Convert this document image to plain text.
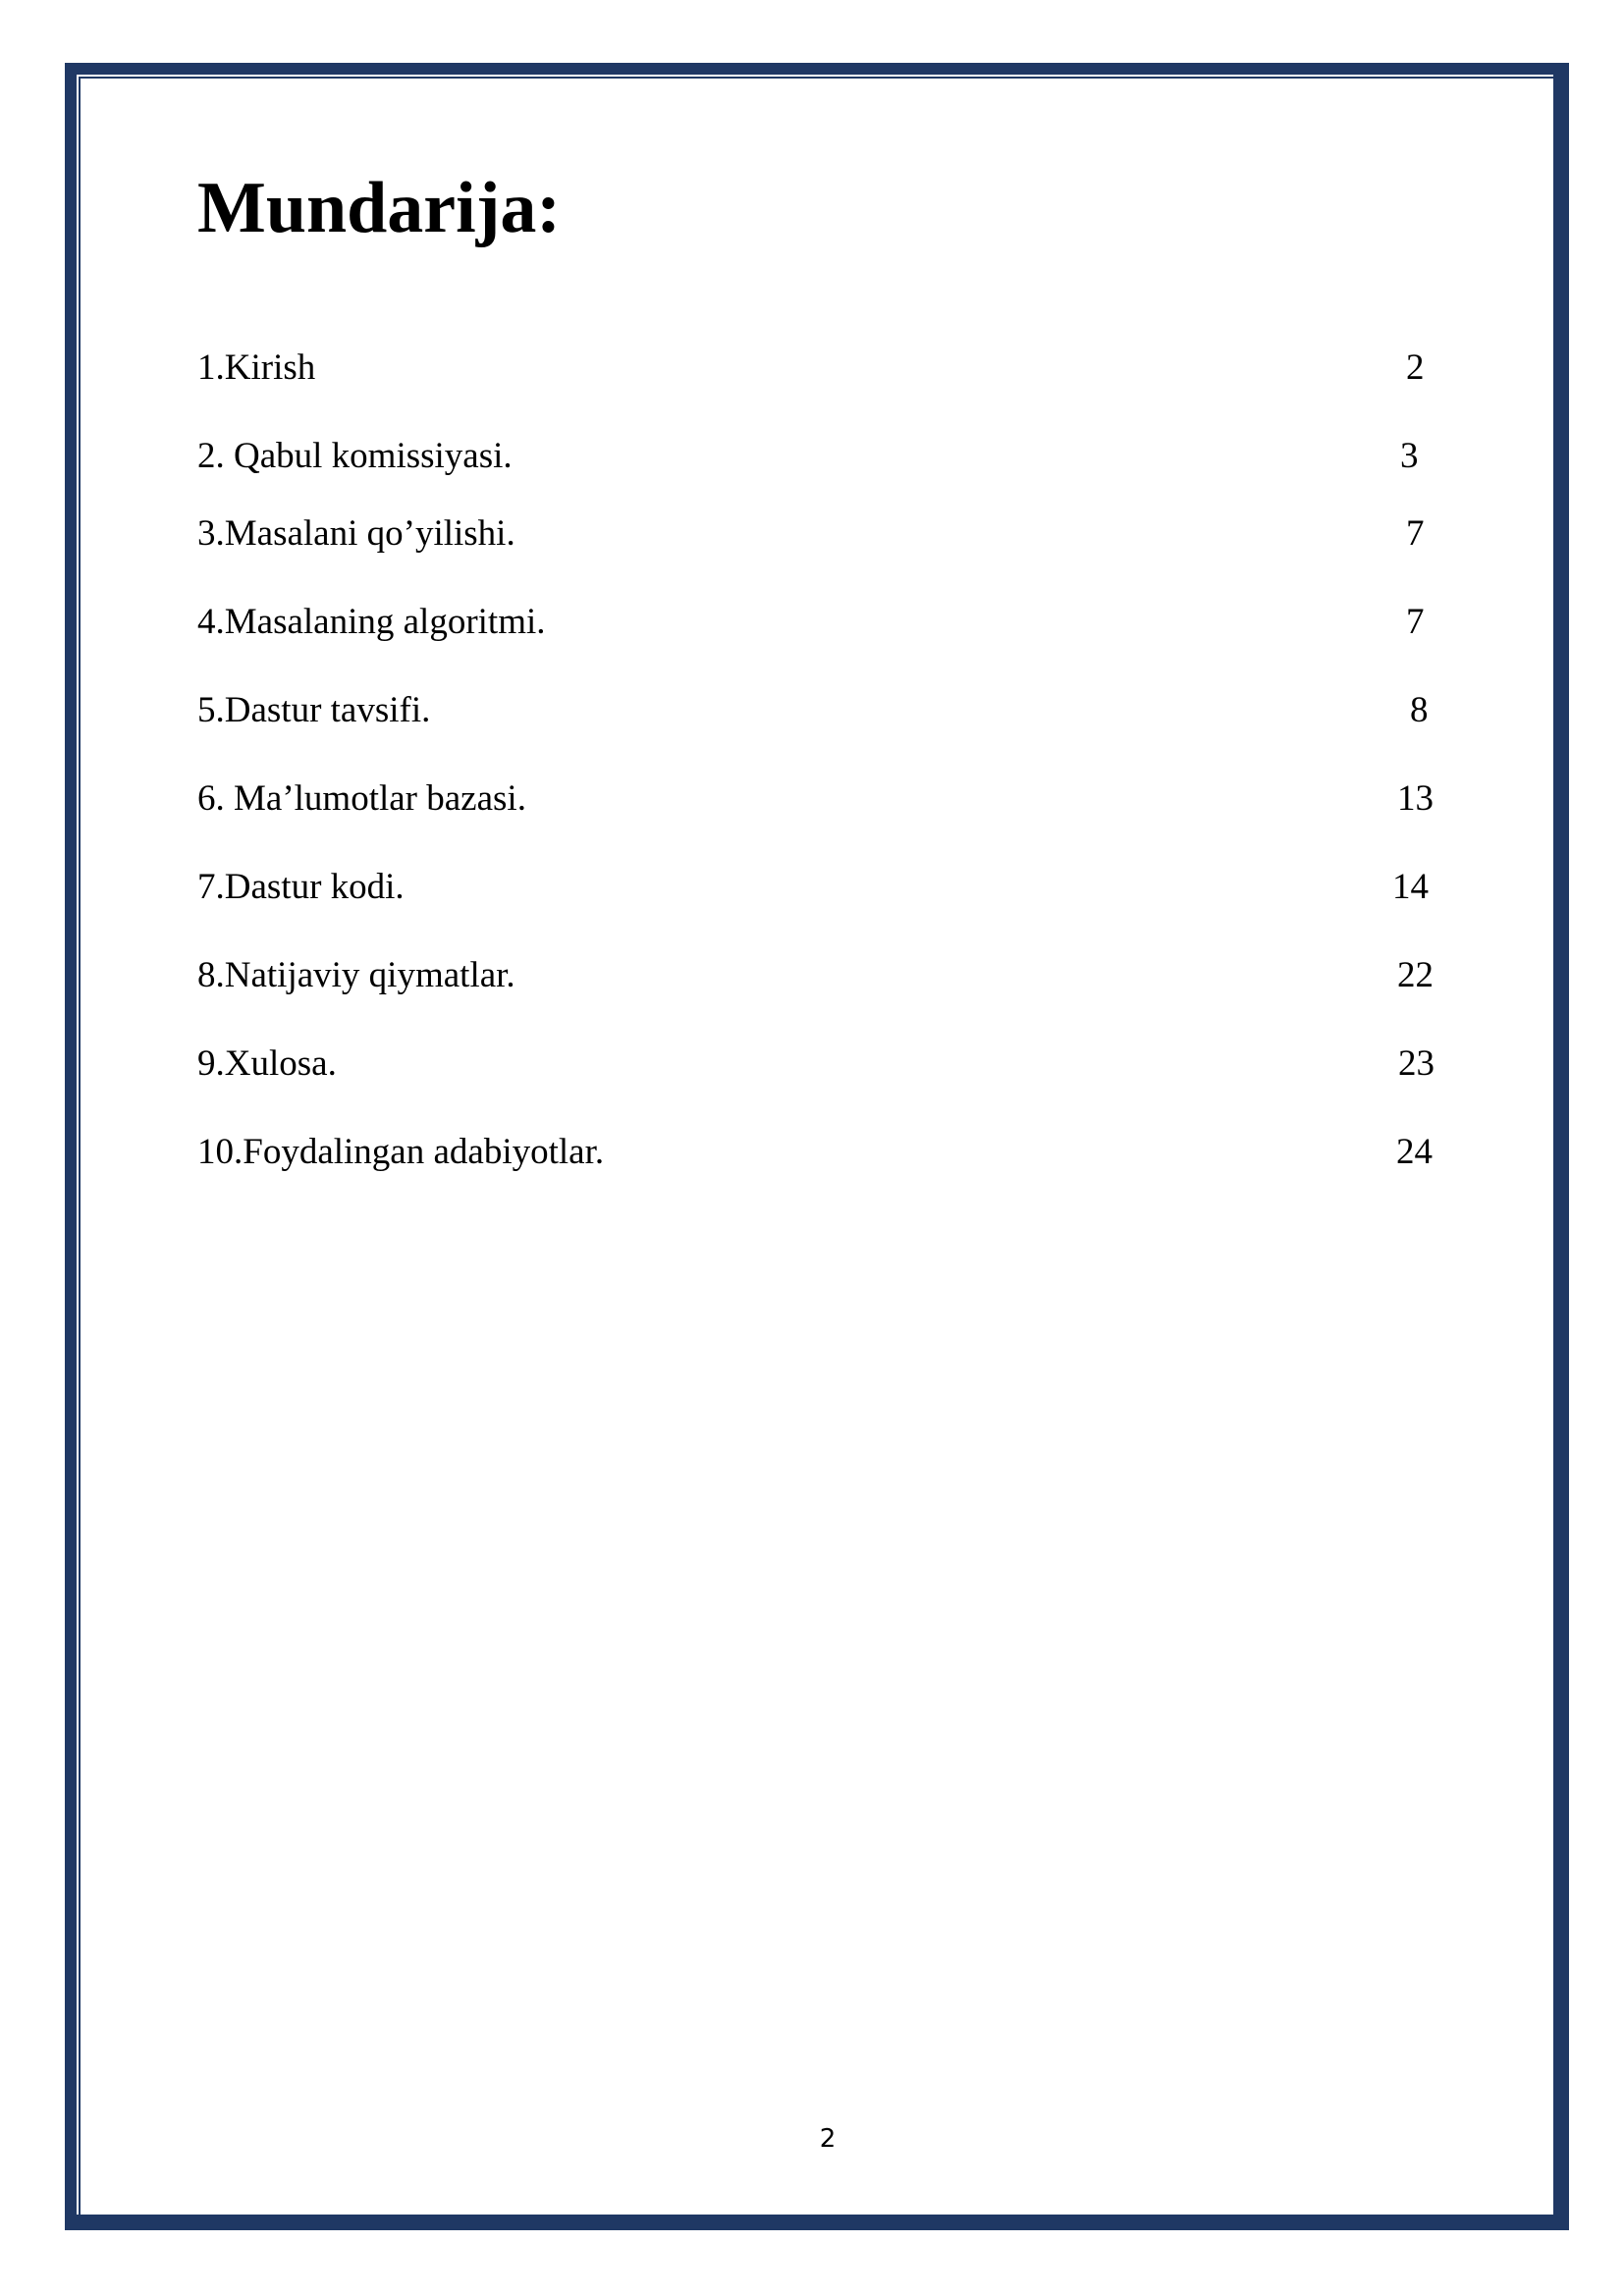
Mundarija:
1.Kirish	2
2. Qabul komissiyasi.	3
3.Masalani qo’yilishi.	7
4.Masalaning algoritmi.	7
5.Dastur tavsifi.	8
6. Ma’lumotlar bazasi.	13
7.Dastur kodi.	14
8.Natijaviy qiymatlar.	22
9.Xulosa.	23
10.Foydalingan adabiyotlar.	24
2
